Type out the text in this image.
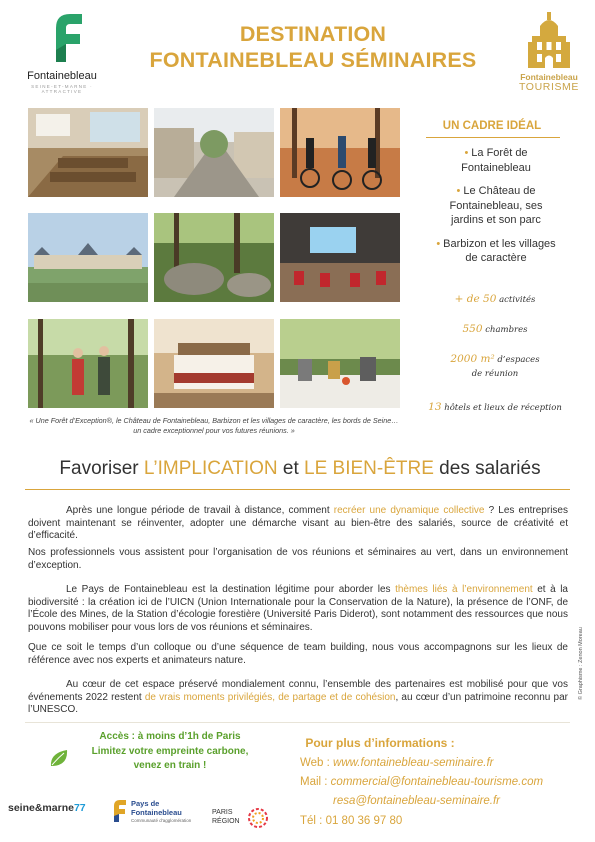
Fontainebleau
SEINE-ET-MARNE · ATTRACTIVE
DESTINATION
FONTAINEBLEAU SÉMINAIRES
Fontainebleau
TOURISME
« Une Forêt d’Exception®, le Château de Fontainebleau, Barbizon et les villages de caractère, les bords de Seine… un cadre exceptionnel pour vos futures réunions. »
UN CADRE IDÉAL
• La Forêt de Fontainebleau
• Le Château de Fontainebleau, ses jardins et son parc
• Barbizon et les villages de caractère
+ de 50 activités
550 chambres
2000 m² d’espaces
de réunion
13 hôtels et lieux de réception
Favoriser L’IMPLICATION et LE BIEN-ÊTRE des salariés

Après une longue période de travail à distance, comment recréer une dynamique collective ? Les entreprises doivent maintenant se réinventer, adopter une démarche visant au bien-être des salariés, source de créativité et d’efficacité.

Nos professionnels vous assistent pour l’organisation de vos réunions et séminaires au vert, dans un environnement d’exception.

Le Pays de Fontainebleau est la destination légitime pour aborder les thèmes liés à l’environnement et à la biodiversité : la création ici de l’UICN (Union Internationale pour la Conservation de la Nature), la présence de l’ONF, de l’École des Mines, de la Station d’écologie forestière (Université Paris Diderot), sont notamment des ressources que nous pouvons mobiliser pour vous lors de vos réunions et séminaires.

Que ce soit le temps d’un colloque ou d’une séquence de team building, nous vous accompagnons sur les lieux de référence avec nos experts et animateurs nature.

Au cœur de cet espace préservé mondialement connu, l’ensemble des partenaires est mobilisé pour que vos événements 2022 restent de vrais moments privilégiés, de partage et de cohésion, au cœur d’un patrimoine reconnu par l’UNESCO.

© Graphisme : Zenon Moreau
Accès : à moins d’1h de Paris
Limitez votre empreinte carbone,
venez en train !
Pour plus d’informations :
Web : www.fontainebleau-seminaire.fr
Mail : commercial@fontainebleau-tourisme.com
resa@fontainebleau-seminaire.fr
Tél : 01 80 36 97 80
seine&marne77	Pays de
Fontainebleau
Communauté d’agglomération
PARIS
RÉGION
